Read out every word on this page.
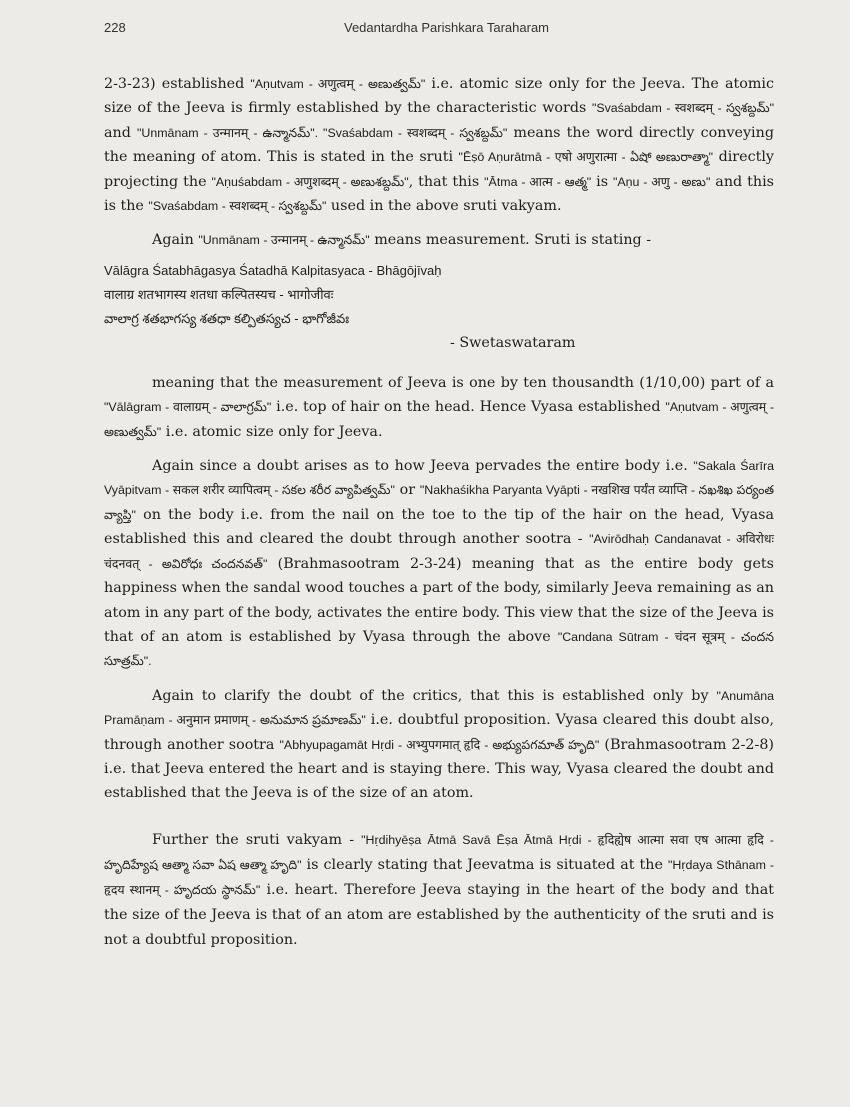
228	Vedantardha Parishkara Taraharam

2-3-23) established "Aṇutvam - अणुत्वम् - అణుత్వమ్" i.e. atomic size only for the Jeeva. The atomic size of the Jeeva is firmly established by the characteristic words "Svaśabdam - स्वशब्दम् - స్వశబ్దమ్" and "Unmānam - उन्मानम् - ఉన్మానమ్". "Svaśabdam - स्वशब्दम् - స్వశబ్దమ్" means the word directly conveying the meaning of atom. This is stated in the sruti "Ēṣō Aṇurātmā - एषो अणुरात्मा - ఏషో అణురాత్మా" directly projecting the "Aṇuśabdam - अणुशब्दम् - అణుశబ్దమ్", that this "Ātma - आत्म - ఆత్మ" is "Aṇu - अणु - అణు" and this is the "Svaśabdam - स्वशब्दम् - స్వశబ్దమ్" used in the above sruti vakyam.

Again "Unmānam - उन्मानम् - ఉన్మానమ్" means measurement. Sruti is stating -

Vālāgra Śatabhāgasya Śatadhā Kalpitasyaca - Bhāgōjīvaḥ
वालाग्र शतभागस्य शतधा कल्पितस्यच - भागोजीवः
వాలాగ్ర శతభాగస్య శతధా కల్పితస్యచ - భాగోజీవః
- Swetaswataram

meaning that the measurement of Jeeva is one by ten thousandth (1/10,00) part of a "Vālāgram - वालाग्रम् - వాలాగ్రమ్" i.e. top of hair on the head. Hence Vyasa established "Aṇutvam - अणुत्वम् - అణుత్వమ్" i.e. atomic size only for Jeeva.

Again since a doubt arises as to how Jeeva pervades the entire body i.e. "Sakala Śarīra Vyāpitvam - सकल शरीर व्यापित्वम् - సకల శరీర వ్యాపిత్వమ్" or "Nakhaśikha Paryanta Vyāpti - नखशिख पर्यंत व्याप्ति - నఖశిఖ పర్యంత వ్యాప్తి" on the body i.e. from the nail on the toe to the tip of the hair on the head, Vyasa established this and cleared the doubt through another sootra - "Avirōdhaḥ Candanavat - अविरोधः चंदनवत् - అవిరోధః చందనవత్" (Brahmasootram 2-3-24) meaning that as the entire body gets happiness when the sandal wood touches a part of the body, similarly Jeeva remaining as an atom in any part of the body, activates the entire body. This view that the size of the Jeeva is that of an atom is established by Vyasa through the above "Candana Sūtram - चंदन सूत्रम् - చందన సూత్రమ్".

Again to clarify the doubt of the critics, that this is established only by "Anumāna Pramāṇam - अनुमान प्रमाणम् - అనుమాన ప్రమాణమ్" i.e. doubtful proposition. Vyasa cleared this doubt also, through another sootra "Abhyupagamāt Hṛdi - अभ्युपगमात् हृदि - అభ్యుపగమాత్ హృది" (Brahmasootram 2-2-8) i.e. that Jeeva entered the heart and is staying there. This way, Vyasa cleared the doubt and established that the Jeeva is of the size of an atom.

Further the sruti vakyam - "Hṛdihyēṣa Ātmā Savā Ēṣa Ātmā Hṛdi - हृदिह्येष आत्मा सवा एष आत्मा हृदि - హృదిహ్యేష ఆత్మా సవా ఏష ఆత్మా హృది" is clearly stating that Jeevatma is situated at the "Hṛdaya Sthānam - हृदय स्थानम् - హృదయ స్థానమ్" i.e. heart. Therefore Jeeva staying in the heart of the body and that the size of the Jeeva is that of an atom are established by the authenticity of the sruti and is not a doubtful proposition.
